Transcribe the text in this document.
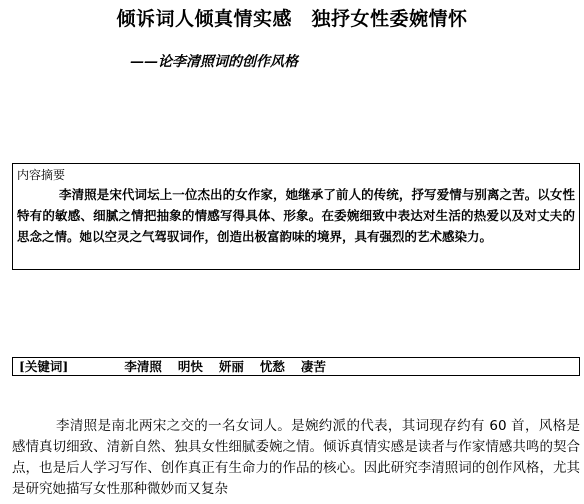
倾诉词人倾真情实感　独抒女性委婉情怀
——论李清照词的创作风格
内容摘要
李清照是宋代词坛上一位杰出的女作家，她继承了前人的传统，抒写爱情与别离之苦。以女性特有的敏感、细腻之情把抽象的情感写得具体、形象。在委婉细致中表达对生活的热爱以及对丈夫的思念之情。她以空灵之气驾驭词作，创造出极富韵味的境界，具有强烈的艺术感染力。
[关键词]	李清照 明快 妍丽 忧愁 凄苦
李清照是南北两宋之交的一名女词人。是婉约派的代表，其词现存约有 60 首，风格是感情真切细致、清新自然、独具女性细腻委婉之情。倾诉真情实感是读者与作家情感共鸣的契合点，也是后人学习写作、创作真正有生命力的作品的核心。因此研究李清照词的创作风格，尤其是研究她描写女性那种微妙而又复杂
